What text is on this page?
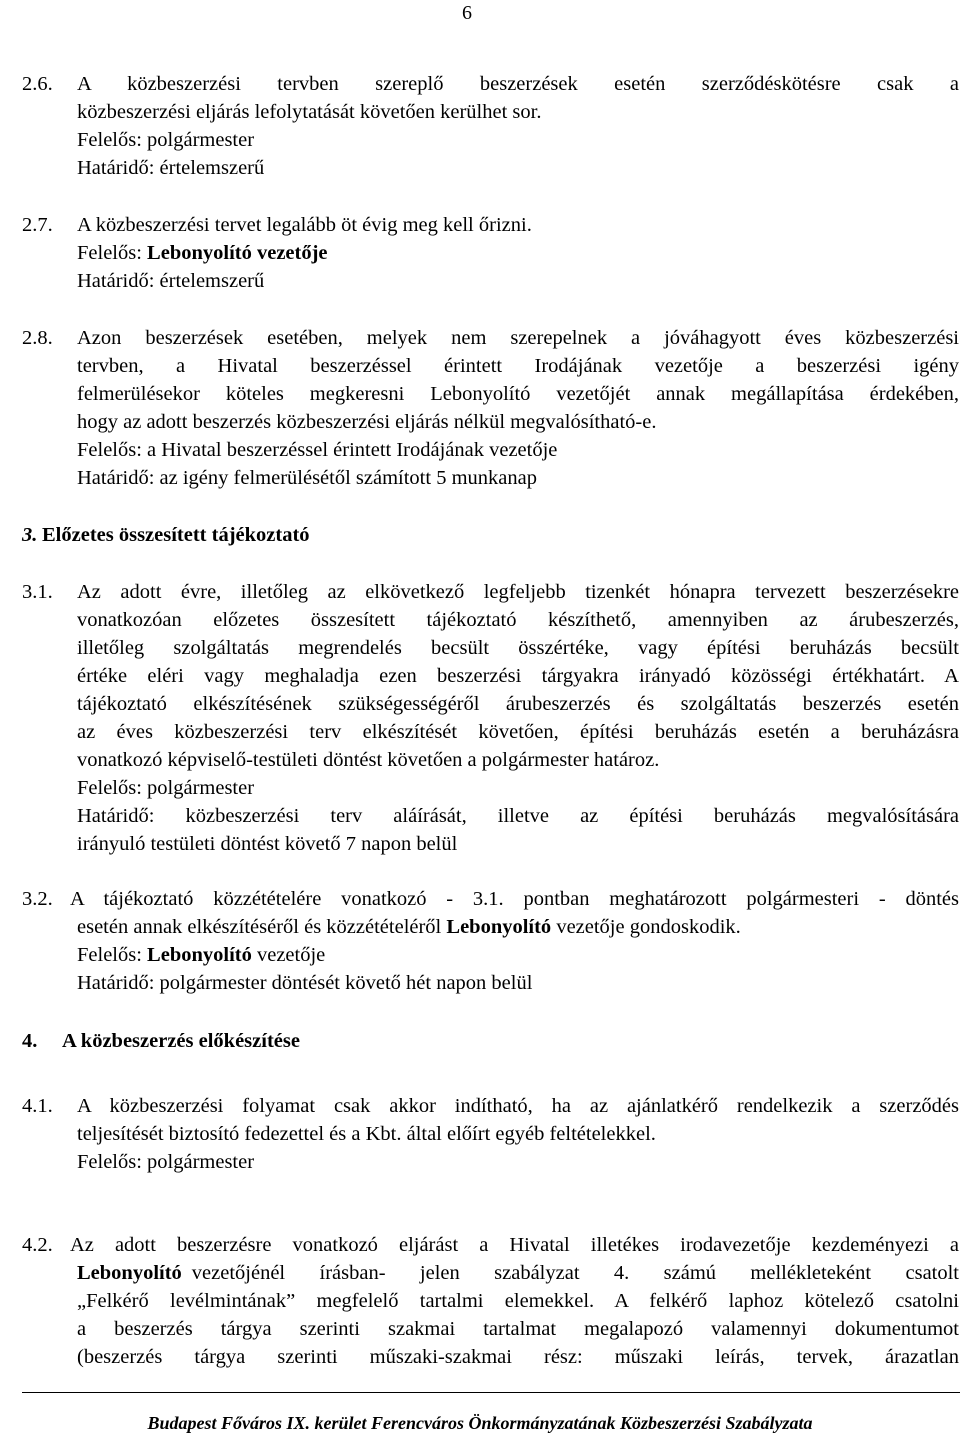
6
2.6. A közbeszerzési tervben szereplő beszerzések esetén szerződéskötésre csak a
közbeszerzési eljárás lefolytatását követően kerülhet sor.
Felelős: polgármester
Határidő: értelemszerű
2.7. A közbeszerzési tervet legalább öt évig meg kell őrizni.
Felelős: Lebonyolító vezetője
Határidő: értelemszerű
2.8. Azon beszerzések esetében, melyek nem szerepelnek a jóváhagyott éves közbeszerzési
tervben, a Hivatal beszerzéssel érintett Irodájának vezetője a beszerzési igény
felmerülésekor köteles megkeresni Lebonyolító vezetőjét annak megállapítása érdekében,
hogy az adott beszerzés közbeszerzési eljárás nélkül megvalósítható-e.
Felelős: a Hivatal beszerzéssel érintett Irodájának vezetője
Határidő: az igény felmerülésétől számított 5 munkanap
3. Előzetes összesített tájékoztató
3.1. Az adott évre, illetőleg az elkövetkező legfeljebb tizenkét hónapra tervezett beszerzésekre
vonatkozóan előzetes összesített tájékoztató készíthető, amennyiben az árubeszerzés,
illetőleg szolgáltatás megrendelés becsült összértéke, vagy építési beruházás becsült
értéke eléri vagy meghaladja ezen beszerzési tárgyakra irányadó közösségi értékhatárt. A
tájékoztató elkészítésének szükségességéről árubeszerzés és szolgáltatás beszerzés esetén
az éves közbeszerzési terv elkészítését követően, építési beruházás esetén a beruházásra
vonatkozó képviselő-testületi döntést követően a polgármester határoz.
Felelős: polgármester
Határidő: közbeszerzési terv aláírását, illetve az építési beruházás megvalósítására
irányuló testületi döntést követő 7 napon belül
3.2. A tájékoztató közzétételére vonatkozó - 3.1. pontban meghatározott polgármesteri - döntés
esetén annak elkészítéséről és közzétételéről Lebonyolító vezetője gondoskodik.
Felelős: Lebonyolító vezetője
Határidő: polgármester döntését követő hét napon belül
4. A közbeszerzés előkészítése
4.1. A közbeszerzési folyamat csak akkor indítható, ha az ajánlatkérő rendelkezik a szerződés
teljesítését biztosító fedezettel és a Kbt. által előírt egyéb feltételekkel.
Felelős: polgármester
4.2. Az adott beszerzésre vonatkozó eljárást a Hivatal illetékes irodavezetője kezdeményezi a
Lebonyolító vezetőjénél írásban- jelen szabályzat 4. számú mellékleteként csatolt
„Felkérő levélmintának” megfelelő tartalmi elemekkel. A felkérő laphoz kötelező csatolni
a beszerzés tárgya szerinti szakmai tartalmat megalapozó valamennyi dokumentumot
(beszerzés tárgya szerinti műszaki-szakmai rész: műszaki leírás, tervek, árazatlan
Budapest Főváros IX. kerület Ferencváros Önkormányzatának Közbeszerzési Szabályzata
